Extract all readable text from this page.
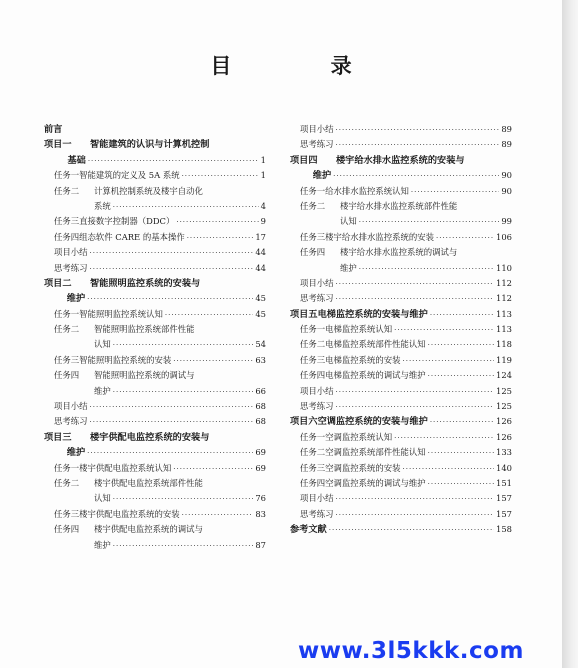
目 录
前言
项目一	智能建筑的认识与计算机控制
基础 ·····	1
任务一 智能建筑的定义及 5A 系统 ·····	1
任务二	计算机控制系统及楼宇自动化
系统 ·····	4
任务三 直接数字控制器（DDC） ·····	9
任务四 组态软件 CARE 的基本操作 ·····	17
项目小结 ·····	44
思考练习 ·····	44
项目二	智能照明监控系统的安装与
维护 ·····	45
任务一 智能照明监控系统认知 ·····	45
任务二	智能照明监控系统部件性能
认知 ·····	54
任务三 智能照明监控系统的安装 ·····	63
任务四	智能照明监控系统的调试与
维护 ·····	66
项目小结 ·····	68
思考练习 ·····	68
项目三	楼宇供配电监控系统的安装与
维护 ·····	69
任务一 楼宇供配电监控系统认知 ·····	69
任务二	楼宇供配电监控系统部件性能
认知 ·····	76
任务三 楼宇供配电监控系统的安装 ·····	83
任务四	楼宇供配电监控系统的调试与
维护 ·····	87
项目小结 ·····	89
思考练习 ·····	89
项目四	楼宇给水排水监控系统的安装与
维护 ·····	90
任务一 给水排水监控系统认知 ·····	90
任务二	楼宇给水排水监控系统部件性能
认知 ·····	99
任务三 楼宇给水排水监控系统的安装 ·····	106
任务四	楼宇给水排水监控系统的调试与
维护 ·····	110
项目小结 ·····	112
思考练习 ·····	112
项目五 电梯监控系统的安装与维护 ·····	113
任务一 电梯监控系统认知 ·····	113
任务二 电梯监控系统部件性能认知 ·····	118
任务三 电梯监控系统的安装 ·····	119
任务四 电梯监控系统的调试与维护 ·····	124
项目小结 ·····	125
思考练习 ·····	125
项目六 空调监控系统的安装与维护 ·····	126
任务一 空调监控系统认知 ·····	126
任务二 空调监控系统部件性能认知 ·····	133
任务三 空调监控系统的安装 ·····	140
任务四 空调监控系统的调试与维护 ·····	151
项目小结 ·····	157
思考练习 ·····	157
参考文献 ·····	158
www.3l5kkk.com
